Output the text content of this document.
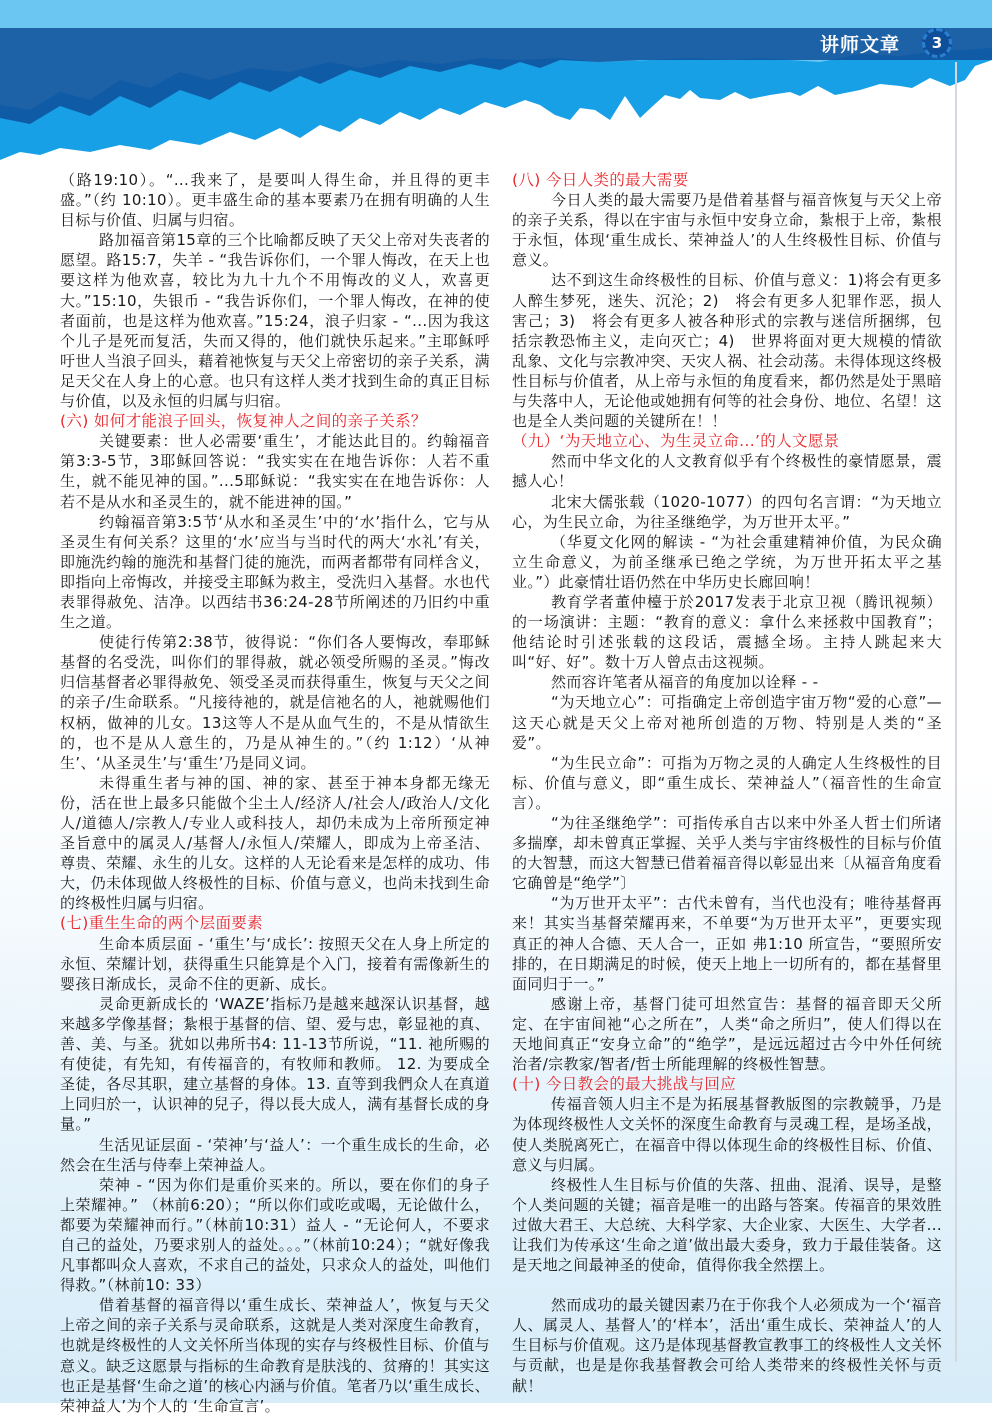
讲师文章	3

（路19:10）。“...我来了，是要叫人得生命，并且得的更丰盛。”（约 10:10）。更丰盛生命的基本要素乃在拥有明确的人生目标与价值、归属与归宿。

路加福音第15章的三个比喻都反映了天父上帝对失丧者的愿望。路15:7，失羊 - “我告诉你们，一个罪人悔改，在天上也要这样为他欢喜，较比为九十九个不用悔改的义人，欢喜更大。”15:10，失银币 - “我告诉你们，一个罪人悔改，在神的使者面前，也是这样为他欢喜。”15:24，浪子归家 - “...因为我这个儿子是死而复活，失而又得的，他们就快乐起来。”主耶稣呼吁世人当浪子回头，藉着祂恢复与天父上帝密切的亲子关系，满足天父在人身上的心意。也只有这样人类才找到生命的真正目标与价值，以及永恒的归属与归宿。

(六) 如何才能浪子回头，恢复神人之间的亲子关系？

关键要素：世人必需要‘重生’，才能达此目的。约翰福音第3:3-5节，3耶稣回答说：“我实实在在地告诉你：人若不重生，就不能见神的国。”...5耶稣说：“我实实在在地告诉你：人若不是从水和圣灵生的，就不能进神的国。”

约翰福音第3:5节‘从水和圣灵生’中的‘水’指什么，它与从圣灵生有何关系？这里的‘水’应当与当时代的两大‘水礼’有关，即施洗约翰的施洗和基督门徒的施洗，而两者都带有同样含义，即指向上帝悔改，并接受主耶稣为救主，受洗归入基督。水也代表罪得赦免、洁净。以西结书36:24-28节所阐述的乃旧约中重生之道。

使徒行传第2:38节，彼得说：“你们各人要悔改，奉耶稣基督的名受洗，叫你们的罪得赦，就必领受所赐的圣灵。”悔改归信基督者必罪得赦免、领受圣灵而获得重生，恢复与天父之间的亲子/生命联系。“凡接待祂的，就是信祂名的人，祂就赐他们权柄，做神的儿女。13这等人不是从血气生的，不是从情欲生的，也不是从人意生的，乃是从神生的。”（约 1:12）‘从神生’、‘从圣灵生’与‘重生’乃是同义词。

未得重生者与神的国、神的家、甚至于神本身都无缘无份，活在世上最多只能做个尘土人/经济人/社会人/政治人/文化人/道德人/宗教人/专业人或科技人，却仍未成为上帝所预定神圣旨意中的属灵人/基督人/永恒人/荣耀人，即成为上帝圣洁、尊贵、荣耀、永生的儿女。这样的人无论看来是怎样的成功、伟大，仍未体现做人终极性的目标、价值与意义，也尚未找到生命的终极性归属与归宿。

(七)重生生命的两个层面要素

生命本质层面 - ‘重生’与‘成长’: 按照天父在人身上所定的永恒、荣耀计划，获得重生只能算是个入门，接着有需像新生的婴孩日渐成长，灵命不住的更新、成长。

灵命更新成长的 ‘WAZE’指标乃是越来越深认识基督，越来越多学像基督；紮根于基督的信、望、爱与忠，彰显祂的真、善、美、与圣。犹如以弗所书4: 11-13节所说，“11. 祂所赐的有使徒，有先知，有传福音的，有牧师和教师。 12. 为要成全圣徒，各尽其职，建立基督的身体。13. 直等到我們众人在真道上同归於一，认识神的兒子，得以長大成人，满有基督长成的身量。”

生活见证层面 - ‘荣神’与‘益人’：一个重生成长的生命，必然会在生活与侍奉上荣神益人。

荣神 - “因为你们是重价买来的。所以，要在你们的身子上荣耀神。” （林前6:20）；“所以你们或吃或喝，无论做什么，都要为荣耀神而行。”（林前10:31）益人 - “无论何人，不要求自己的益处，乃要求别人的益处。。。”（林前10:24）；“就好像我凡事都叫众人喜欢，不求自己的益处，只求众人的益处，叫他们得救。”（林前10: 33）

借着基督的福音得以‘重生成长、荣神益人’，恢复与天父上帝之间的亲子关系与灵命联系，这就是人类对深度生命教育，也就是终极性的人文关怀所当体现的实存与终极性目标、价值与意义。缺乏这愿景与指标的生命教育是肤浅的、贫瘠的！其实这也正是基督‘生命之道’的核心内涵与价值。笔者乃以‘重生成长、荣神益人’为个人的 ‘生命宣言’。

(八) 今日人类的最大需要

今日人类的最大需要乃是借着基督与福音恢复与天父上帝的亲子关系，得以在宇宙与永恒中安身立命，紮根于上帝，紮根于永恒，体现‘重生成长、荣神益人’的人生终极性目标、价值与意义。

达不到这生命终极性的目标、价值与意义：1)将会有更多人醉生梦死，迷失、沉沦；2)　将会有更多人犯罪作恶，损人害己；3)　将会有更多人被各种形式的宗教与迷信所捆绑，包括宗教恐怖主义，走向灭亡；4)　世界将面对更大规模的情欲乱象、文化与宗教冲突、天灾人祸、社会动荡。未得体现这终极性目标与价值者，从上帝与永恒的角度看来，都仍然是处于黑暗与失落中人，无论他或她拥有何等的社会身份、地位、名望！这也是全人类问题的关键所在！！

（九）‘为天地立心、为生灵立命...’的人文愿景

然而中华文化的人文教育似乎有个终极性的豪情愿景，震撼人心！

北宋大儒张载（1020-1077）的四句名言谓：“为天地立心，为生民立命，为往圣继绝学，为万世开太平。”

（华夏文化网的解读 - “为社会重建精神价值，为民众确立生命意义，为前圣继承已绝之学统，为万世开拓太平之基业。”）此豪情壮语仍然在中华历史长廊回响！

教育学者董仲檯于於2017发表于北京卫视（腾讯视频）的一场演讲：主题：“教育的意义：拿什么来拯救中国教育”；他结论时引述张载的这段话，震撼全场。主持人跳起来大叫“好、好”。数十万人曾点击这视频。

然而容许笔者从福音的角度加以诠释 - -

“为天地立心”：可指确定上帝创造宇宙万物“爱的心意”—这天心就是天父上帝对祂所创造的万物、特别是人类的“圣爱”。

“为生民立命”：可指为万物之灵的人确定人生终极性的目标、价值与意义，即“重生成长、荣神益人”（福音性的生命宣言）。

“为往圣继绝学”：可指传承自古以来中外圣人哲士们所诸多揣摩，却未曾真正掌握、关乎人类与宇宙终极性的目标与价值的大智慧，而这大智慧已借着福音得以彰显出来〔从福音角度看它确曾是“绝学”〕

“为万世开太平”：古代未曾有，当代也没有；唯待基督再来！其实当基督荣耀再来，不单要“为万世开太平”，更要实现真正的神人合德、天人合一，正如 弗1:10 所宣告，“要照所安排的，在日期满足的时候，使天上地上一切所有的，都在基督里面同归于一。”

感谢上帝，基督门徒可坦然宣告：基督的福音即天父所定、在宇宙间祂“心之所在”，人类“命之所归”，使人们得以在天地间真正“安身立命”的“绝学”，是远远超过古今中外任何统治者/宗教家/智者/哲士所能理解的终极性智慧。

(十) 今日教会的最大挑战与回应

传福音领人归主不是为拓展基督教版图的宗教競爭，乃是为体现终极性人文关怀的深度生命教育与灵魂工程，是场圣战，使人类脱离死亡，在福音中得以体现生命的终极性目标、价值、意义与归属。

终极性人生目标与价值的失落、扭曲、混淆、误导，是整个人类问题的关键；福音是唯一的出路与答案。传福音的果效胜过做大君王、大总统、大科学家、大企业家、大医生、大学者...让我们为传承这‘生命之道’做出最大委身，致力于最佳装备。这是天地之间最神圣的使命，值得你我全然摆上。

然而成功的最关键因素乃在于你我个人必须成为一个‘福音人、属灵人、基督人’的‘样本’，活出‘重生成长、荣神益人’的人生目标与价值观。这乃是体现基督教宣教事工的终极性人文关怀与贡献，也是是你我基督教会可给人类带来的终极性关怀与贡献！
